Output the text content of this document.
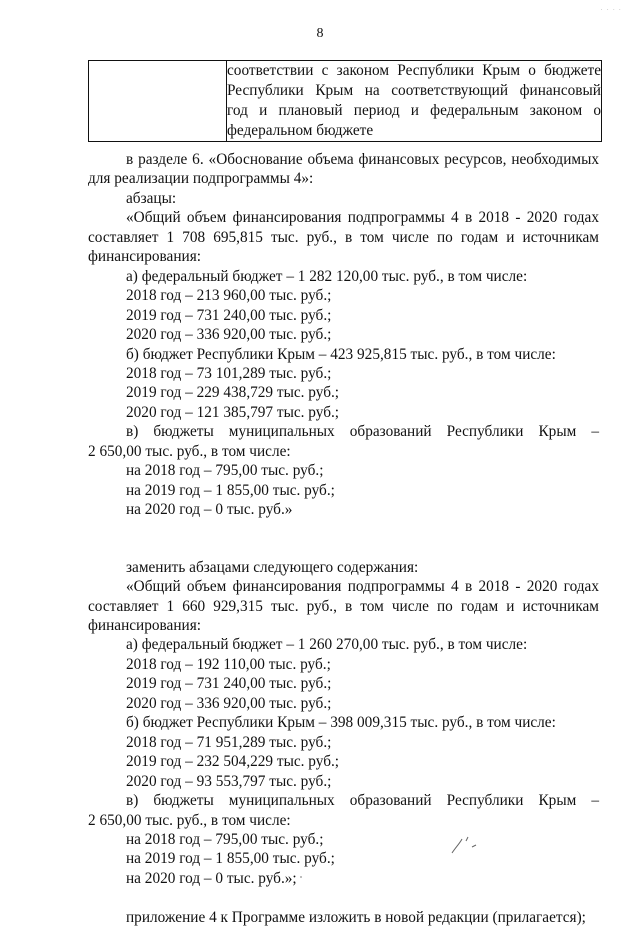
· · · ·
8

соответствии с законом Республики Крым о бюджете
Республики Крым на соответствующий финансовый
год и плановый период и федеральным законом о
федеральном бюджете
в разделе 6. «Обоснование объема финансовых ресурсов, необходимых
для реализации подпрограммы 4»:
абзацы:
«Общий объем финансирования подпрограммы 4 в 2018 - 2020 годах
составляет 1 708 695,815 тыс. руб., в том числе по годам и источникам
финансирования:
а) федеральный бюджет – 1 282 120,00 тыс. руб., в том числе:
2018 год – 213 960,00 тыс. руб.;
2019 год – 731 240,00 тыс. руб.;
2020 год – 336 920,00 тыс. руб.;
б) бюджет Республики Крым – 423 925,815 тыс. руб., в том числе:
2018 год – 73 101,289 тыс. руб.;
2019 год – 229 438,729 тыс. руб.;
2020 год – 121 385,797 тыс. руб.;
в) бюджеты муниципальных образований Республики Крым –
2 650,00 тыс. руб., в том числе:
на 2018 год – 795,00 тыс. руб.;
на 2019 год – 1 855,00 тыс. руб.;
на 2020 год – 0 тыс. руб.»
заменить абзацами следующего содержания:
«Общий объем финансирования подпрограммы 4 в 2018 - 2020 годах
составляет 1 660 929,315 тыс. руб., в том числе по годам и источникам
финансирования:
а) федеральный бюджет – 1 260 270,00 тыс. руб., в том числе:
2018 год – 192 110,00 тыс. руб.;
2019 год – 731 240,00 тыс. руб.;
2020 год – 336 920,00 тыс. руб.;
б) бюджет Республики Крым – 398 009,315 тыс. руб., в том числе:
2018 год – 71 951,289 тыс. руб.;
2019 год – 232 504,229 тыс. руб.;
2020 год – 93 553,797 тыс. руб.;
в) бюджеты муниципальных образований Республики Крым –
2 650,00 тыс. руб., в том числе:
на 2018 год – 795,00 тыс. руб.;
на 2019 год – 1 855,00 тыс. руб.;
на 2020 год – 0 тыс. руб.»;
приложение 4 к Программе изложить в новой редакции (прилагается);
